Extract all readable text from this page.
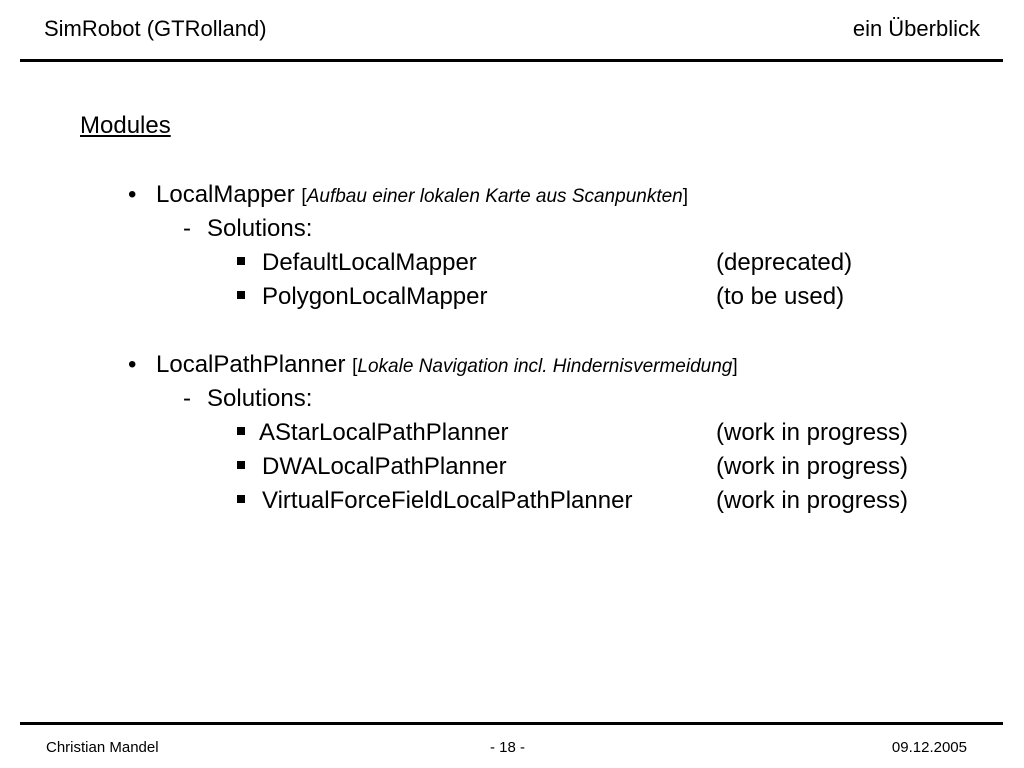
SimRobot (GTRolland)	ein Überblick
Modules
• LocalMapper [Aufbau einer lokalen Karte aus Scanpunkten]
- Solutions:
DefaultLocalMapper	(deprecated)
PolygonLocalMapper	(to be used)
• LocalPathPlanner [Lokale Navigation incl. Hindernisvermeidung]
- Solutions:
AStarLocalPathPlanner	(work in progress)
DWALocalPathPlanner	(work in progress)
VirtualForceFieldLocalPathPlanner	(work in progress)
Christian Mandel	- 18 -	09.12.2005
